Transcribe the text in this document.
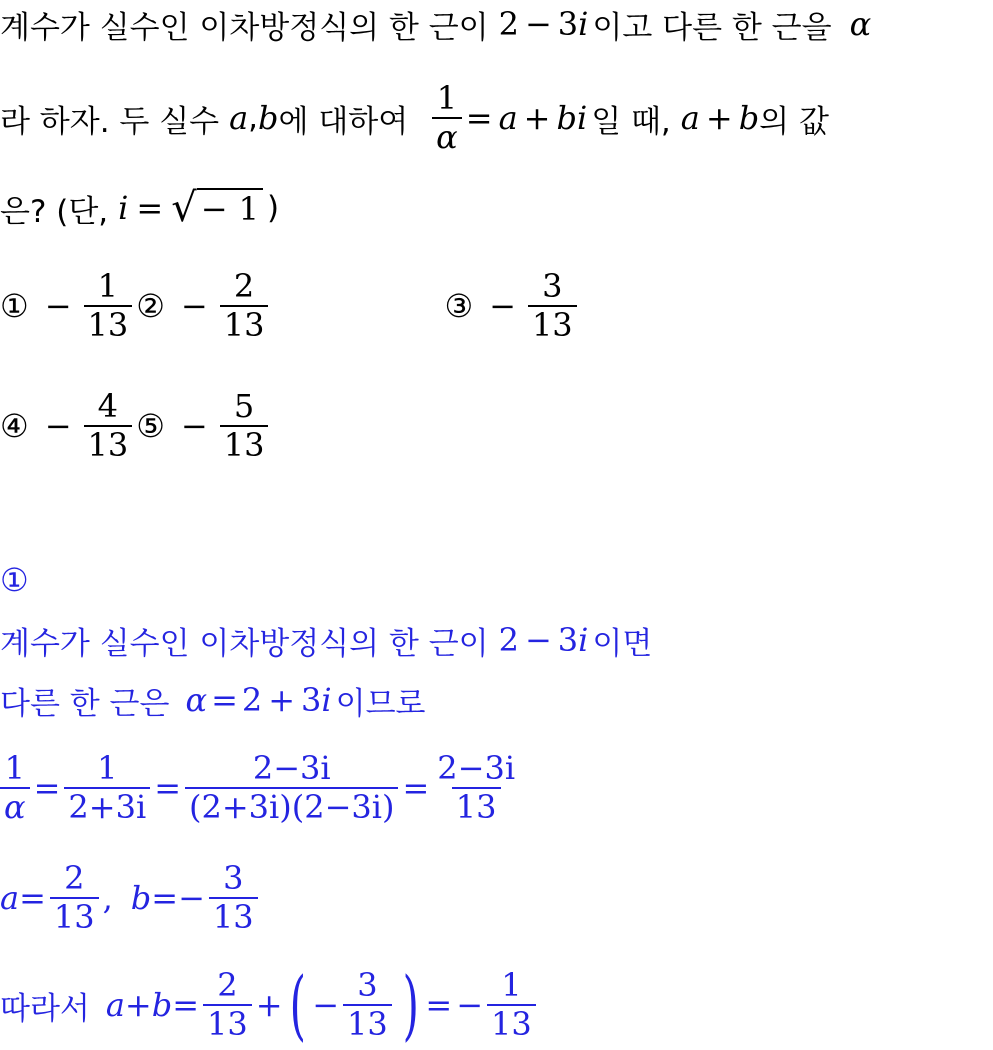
계수가 실수인 이차방정식의 한 근이 2 − 3 i 이고 다른 한 근을 α
라 하자. 두 실수 a , b 에 대하여 $\frac{1}{\alpha} = a$ + bi 일 때, a + b 의 값
은? (단, i = √ − 1 )
① − $\frac{1}{13}$ ② − $\frac{2}{13}$	③ − $\frac{3}{13}$
④ − $\frac{4}{13}$ ⑤ − $\frac{5}{13}$
①
계수가 실수인 이차방정식의 한 근이 2 − 3 i 이면
다른 한 근은 α = 2 + 3 i 이므로
$\frac{1}{\alpha} = \frac{1}{2+3i} = \frac{2-3i}{(2+3i)(2-3i)} = \frac{2-3i}{13}$
$a = \frac{2}{13}$ , b = − $\frac{3}{13}$
따라서 $a + b = \frac{2}{13}$ + ( − $\frac{3}{13}$ ) = − $\frac{1}{13}$
